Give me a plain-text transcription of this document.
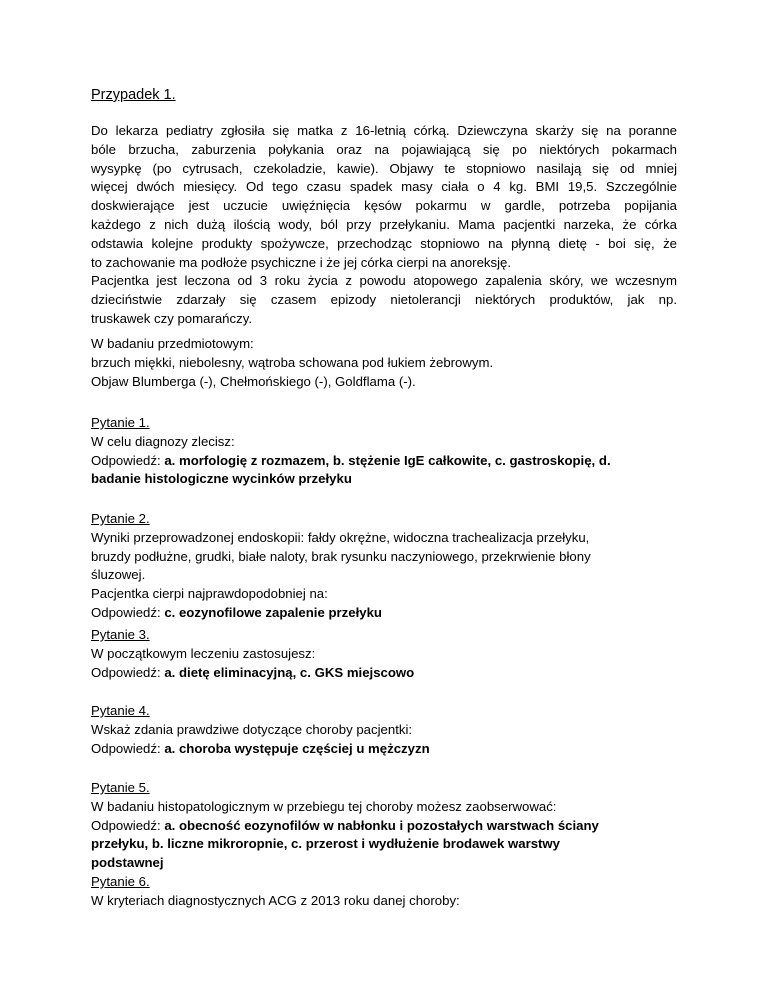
Przypadek 1.
Do lekarza pediatry zgłosiła się matka z 16-letnią córką. Dziewczyna skarży się na poranne
bóle brzucha, zaburzenia połykania oraz na pojawiającą się po niektórych pokarmach
wysypkę (po cytrusach, czekoladzie, kawie). Objawy te stopniowo nasilają się od mniej
więcej dwóch miesięcy. Od tego czasu spadek masy ciała o 4 kg. BMI 19,5. Szczególnie
doskwierające jest uczucie uwięźnięcia kęsów pokarmu w gardle, potrzeba popijania
każdego z nich dużą ilością wody, ból przy przełykaniu. Mama pacjentki narzeka, że córka
odstawia kolejne produkty spożywcze, przechodząc stopniowo na płynną dietę - boi się, że
to zachowanie ma podłoże psychiczne i że jej córka cierpi na anoreksję.
Pacjentka jest leczona od 3 roku życia z powodu atopowego zapalenia skóry, we wczesnym
dzieciństwie zdarzały się czasem epizody nietolerancji niektórych produktów, jak np.
truskawek czy pomarańczy.
W badaniu przedmiotowym:
brzuch miękki, niebolesny, wątroba schowana pod łukiem żebrowym.
Objaw Blumberga (-), Chełmońskiego (-), Goldflama (-).
Pytanie 1.
W celu diagnozy zlecisz:
Odpowiedź: a. morfologię z rozmazem, b. stężenie IgE całkowite, c. gastroskopię, d.
badanie histologiczne wycinków przełyku
Pytanie 2.
Wyniki przeprowadzonej endoskopii: fałdy okrężne, widoczna trachealizacja przełyku,
bruzdy podłużne, grudki, białe naloty, brak rysunku naczyniowego, przekrwienie błony
śluzowej.
Pacjentka cierpi najprawdopodobniej na:
Odpowiedź: c. eozynofilowe zapalenie przełyku
Pytanie 3.
W początkowym leczeniu zastosujesz:
Odpowiedź: a. dietę eliminacyjną, c. GKS miejscowo
Pytanie 4.
Wskaż zdania prawdziwe dotyczące choroby pacjentki:
Odpowiedź: a. choroba występuje częściej u mężczyzn
Pytanie 5.
W badaniu histopatologicznym w przebiegu tej choroby możesz zaobserwować:
Odpowiedź: a. obecność eozynofilów w nabłonku i pozostałych warstwach ściany
przełyku, b. liczne mikroropnie, c. przerost i wydłużenie brodawek warstwy
podstawnej
Pytanie 6.
W kryteriach diagnostycznych ACG z 2013 roku danej choroby:
